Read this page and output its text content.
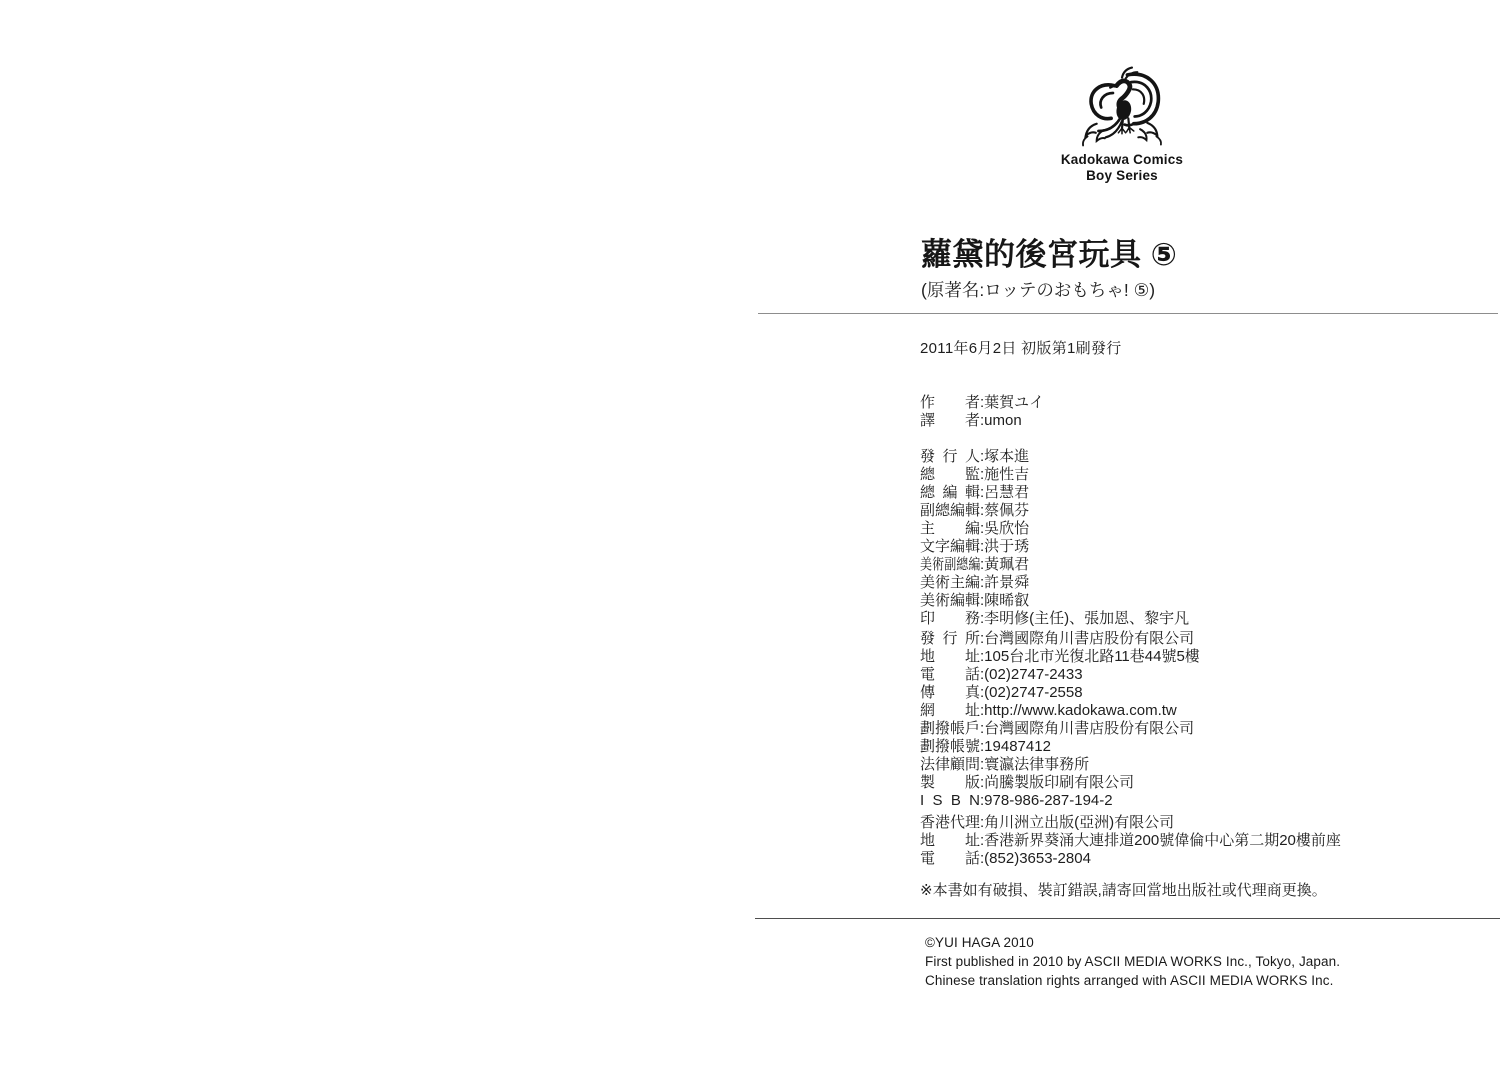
Kadokawa Comics
Boy Series
蘿黛的後宮玩具 ⑤
(原著名:ロッテのおもちゃ! ⑤)
2011年6月2日 初版第1刷發行
作者:葉賀ユイ
譯者:umon
發行人:塚本進
總監:施性吉
總編輯:呂慧君
副總編輯:蔡佩芬
主編:吳欣怡
文字編輯:洪于琇
美術副總編:黃珮君
美術主編:許景舜
美術編輯:陳晞叡
印務:李明修(主任)、張加恩、黎宇凡
發行所:台灣國際角川書店股份有限公司
地址:105台北市光復北路11巷44號5樓
電話:(02)2747-2433
傳真:(02)2747-2558
網址:http://www.kadokawa.com.tw
劃撥帳戶:台灣國際角川書店股份有限公司
劃撥帳號:19487412
法律顧問:寰瀛法律事務所
製版:尚騰製版印刷有限公司
I S B N:978-986-287-194-2
香港代理:角川洲立出版(亞洲)有限公司
地址:香港新界葵涌大連排道200號偉倫中心第二期20樓前座
電話:(852)3653-2804
※本書如有破損、裝訂錯誤,請寄回當地出版社或代理商更換。
©YUI HAGA 2010
First published in 2010 by ASCII MEDIA WORKS Inc., Tokyo, Japan.
Chinese translation rights arranged with ASCII MEDIA WORKS Inc.
